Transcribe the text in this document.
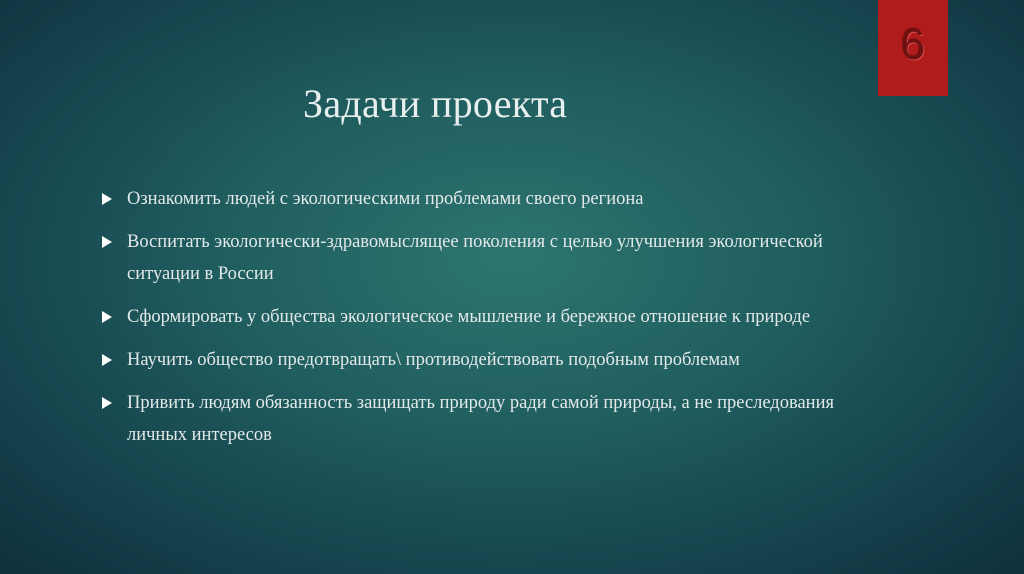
6
Задачи проекта
Ознакомить людей с экологическими проблемами своего региона
Воспитать экологически-здравомыслящее поколения с целью улучшения экологической ситуации в России
Сформировать у общества экологическое мышление и бережное отношение к природе
Научить общество предотвращать\ противодействовать подобным проблемам
Привить людям обязанность защищать природу ради самой природы, а не преследования личных интересов
